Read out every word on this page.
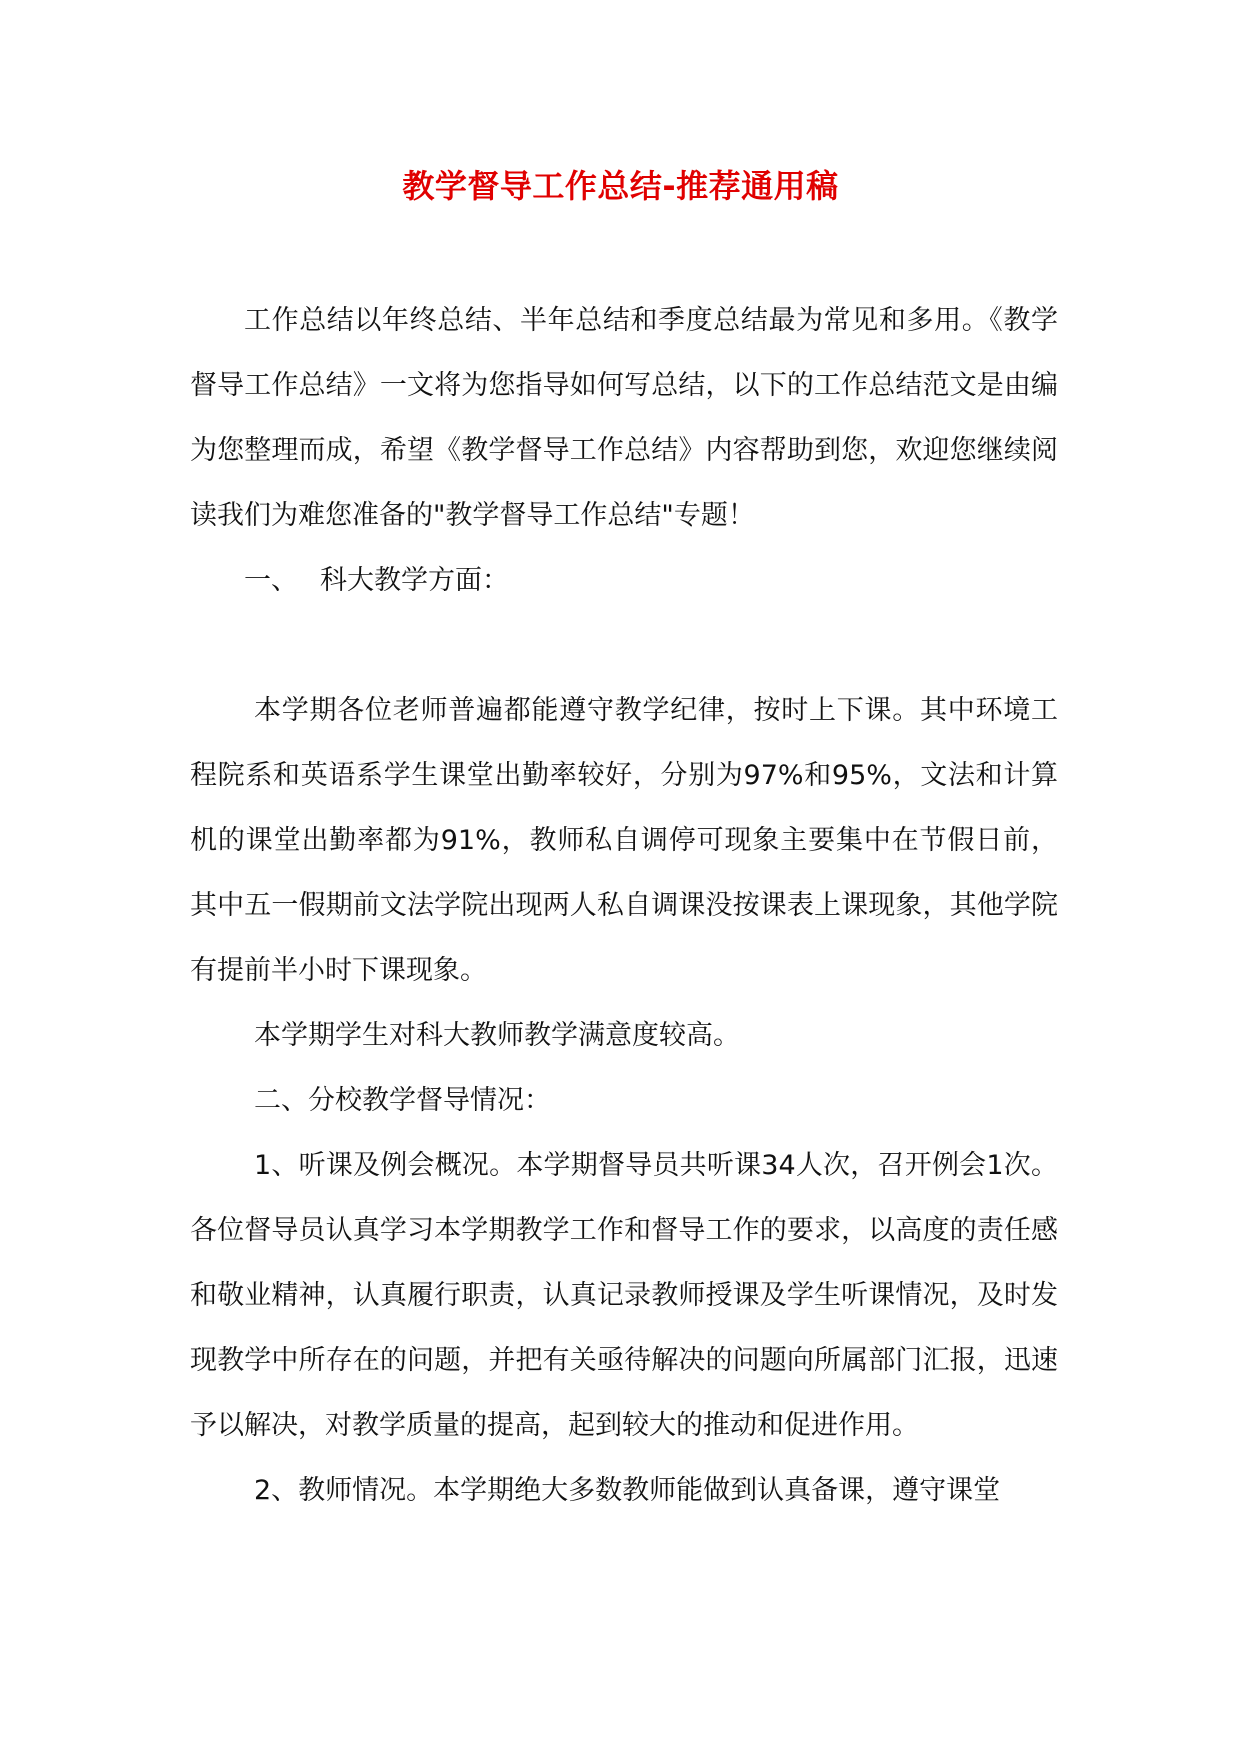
教学督导工作总结-推荐通用稿

工作总结以年终总结、半年总结和季度总结最为常见和多用。《教学督导工作总结》一文将为您指导如何写总结，以下的工作总结范文是由编为您整理而成，希望《教学督导工作总结》内容帮助到您，欢迎您继续阅读我们为难您准备的"教学督导工作总结"专题！

一、 科大教学方面：

本学期各位老师普遍都能遵守教学纪律，按时上下课。其中环境工程院系和英语系学生课堂出勤率较好，分别为97%和95%，文法和计算机的课堂出勤率都为91%，教师私自调停可现象主要集中在节假日前，其中五一假期前文法学院出现两人私自调课没按课表上课现象，其他学院有提前半小时下课现象。

本学期学生对科大教师教学满意度较高。

二、分校教学督导情况：

1、听课及例会概况。本学期督导员共听课34人次，召开例会1次。各位督导员认真学习本学期教学工作和督导工作的要求，以高度的责任感和敬业精神，认真履行职责，认真记录教师授课及学生听课情况，及时发现教学中所存在的问题，并把有关亟待解决的问题向所属部门汇报，迅速予以解决，对教学质量的提高，起到较大的推动和促进作用。

2、教师情况。本学期绝大多数教师能做到认真备课，遵守课堂
